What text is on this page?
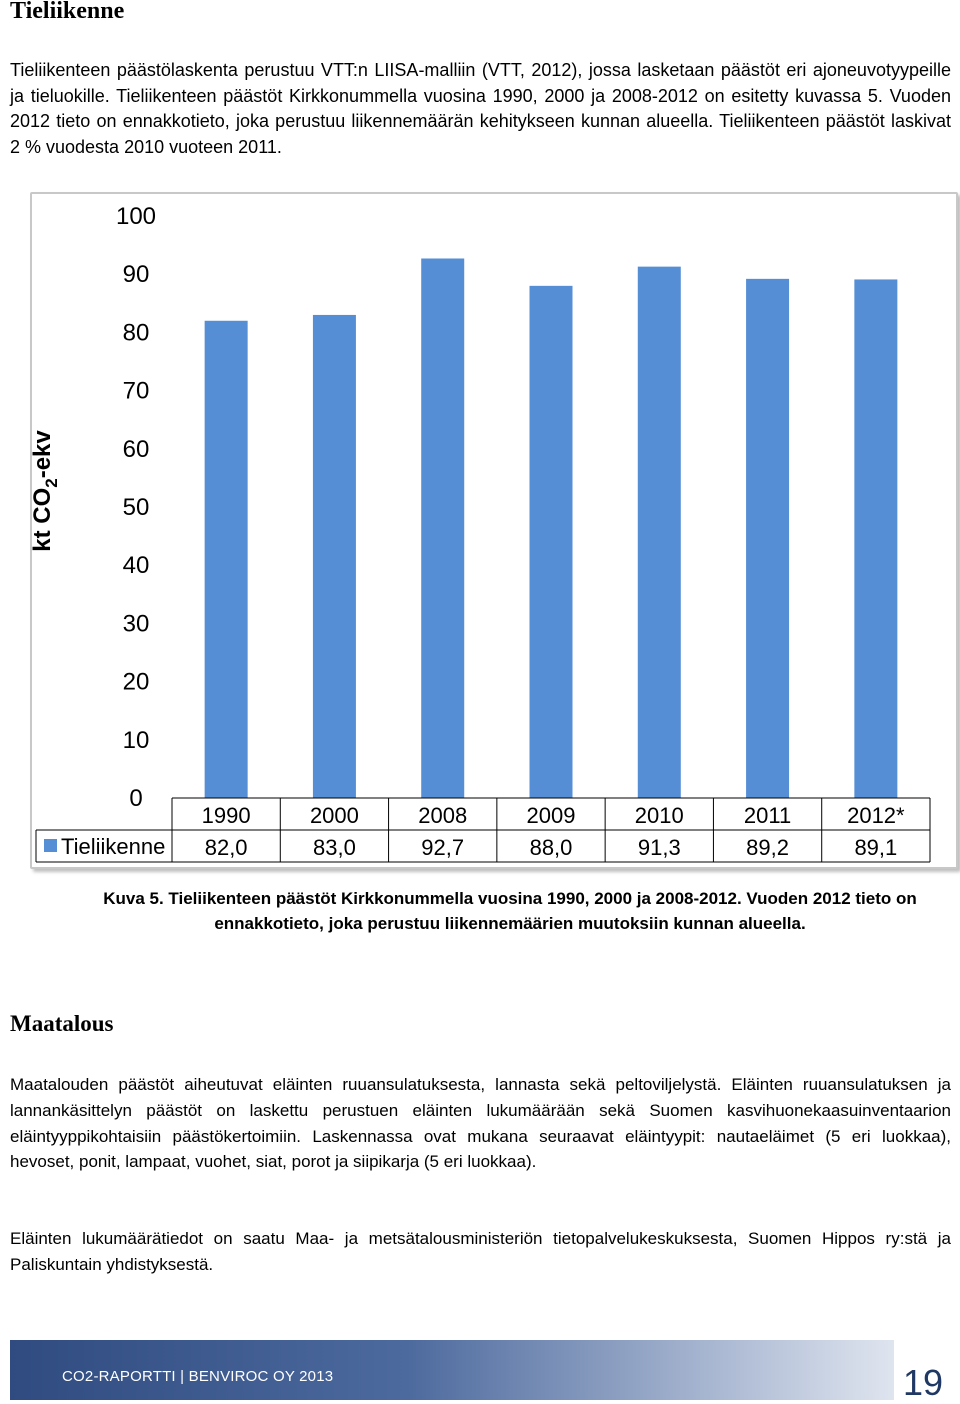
Tieliikenne
Tieliikenteen päästölaskenta perustuu VTT:n LIISA-malliin (VTT, 2012), jossa lasketaan päästöt eri ajoneuvotyypeille ja tieluokille. Tieliikenteen päästöt Kirkkonummella vuosina 1990, 2000 ja 2008-2012 on esitetty kuvassa 5. Vuoden 2012 tieto on ennakkotieto, joka perustuu liikennemäärän kehitykseen kunnan alueella. Tieliikenteen päästöt laskivat 2 % vuodesta 2010 vuoteen 2011.
0
10
20
30
40
50
60
70
80
90
100
kt $CO_2$-ekv
1990	2000	2008	2009	2010	2011	2012*
Tieliikenne 82,0	83,0	92,7	88,0	91,3	89,2	89,1
Kuva 5. Tieliikenteen päästöt Kirkkonummella vuosina 1990, 2000 ja 2008-2012. Vuoden 2012 tieto on ennakkotieto, joka perustuu liikennemäärien muutoksiin kunnan alueella.
Maatalous
Maatalouden päästöt aiheutuvat eläinten ruuansulatuksesta, lannasta sekä peltoviljelystä. Eläinten ruuansulatuksen ja lannankäsittelyn päästöt on laskettu perustuen eläinten lukumäärään sekä Suomen kasvihuonekaasuinventaarion eläintyyppikohtaisiin päästökertoimiin. Laskennassa ovat mukana seuraavat eläintyypit: nautaeläimet (5 eri luokkaa), hevoset, ponit, lampaat, vuohet, siat, porot ja siipikarja (5 eri luokkaa).
Eläinten lukumäärätiedot on saatu Maa- ja metsätalousministeriön tietopalvelukeskuksesta, Suomen Hippos ry:stä ja Paliskuntain yhdistyksestä.
CO2-RAPORTTI | BENVIROC OY 2013	19
